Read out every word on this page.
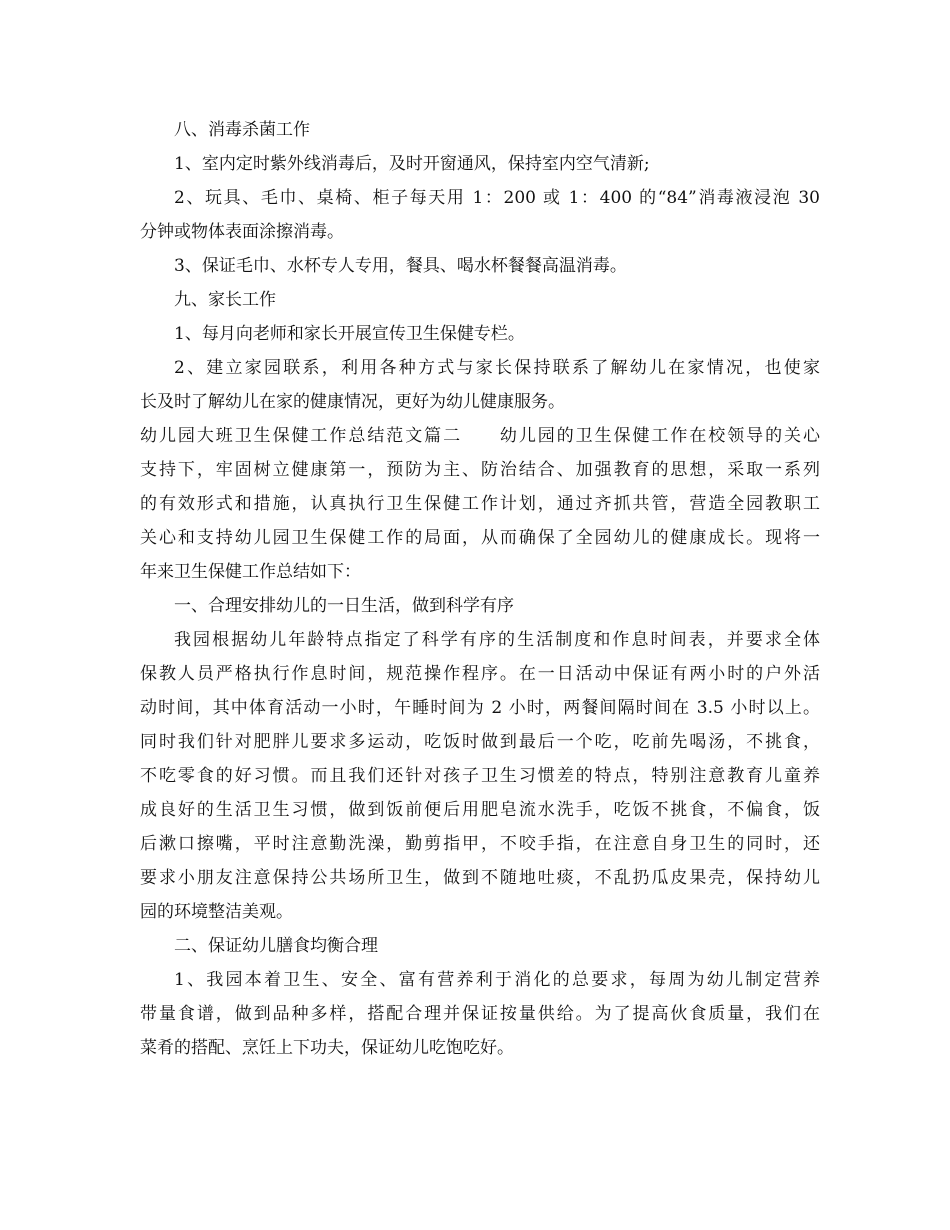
八、消毒杀菌工作
1、室内定时紫外线消毒后，及时开窗通风，保持室内空气清新;
2、玩具、毛巾、桌椅、柜子每天用 1：200 或 1：400 的“84”消毒液浸泡 30
分钟或物体表面涂擦消毒。
3、保证毛巾、水杯专人专用，餐具、喝水杯餐餐高温消毒。
九、家长工作
1、每月向老师和家长开展宣传卫生保健专栏。
2、建立家园联系，利用各种方式与家长保持联系了解幼儿在家情况，也使家
长及时了解幼儿在家的健康情况，更好为幼儿健康服务。
幼儿园大班卫生保健工作总结范文篇二　　幼儿园的卫生保健工作在校领导的关心
支持下，牢固树立健康第一，预防为主、防治结合、加强教育的思想，采取一系列
的有效形式和措施，认真执行卫生保健工作计划，通过齐抓共管，营造全园教职工
关心和支持幼儿园卫生保健工作的局面，从而确保了全园幼儿的健康成长。现将一
年来卫生保健工作总结如下：
一、合理安排幼儿的一日生活，做到科学有序
我园根据幼儿年龄特点指定了科学有序的生活制度和作息时间表，并要求全体
保教人员严格执行作息时间，规范操作程序。在一日活动中保证有两小时的户外活
动时间，其中体育活动一小时，午睡时间为 2 小时，两餐间隔时间在 3.5 小时以上。
同时我们针对肥胖儿要求多运动，吃饭时做到最后一个吃，吃前先喝汤，不挑食，
不吃零食的好习惯。而且我们还针对孩子卫生习惯差的特点，特别注意教育儿童养
成良好的生活卫生习惯，做到饭前便后用肥皂流水洗手，吃饭不挑食，不偏食，饭
后漱口擦嘴，平时注意勤洗澡，勤剪指甲，不咬手指，在注意自身卫生的同时，还
要求小朋友注意保持公共场所卫生，做到不随地吐痰，不乱扔瓜皮果壳，保持幼儿
园的环境整洁美观。
二、保证幼儿膳食均衡合理
1、我园本着卫生、安全、富有营养利于消化的总要求，每周为幼儿制定营养
带量食谱，做到品种多样，搭配合理并保证按量供给。为了提高伙食质量，我们在
菜肴的搭配、烹饪上下功夫，保证幼儿吃饱吃好。
